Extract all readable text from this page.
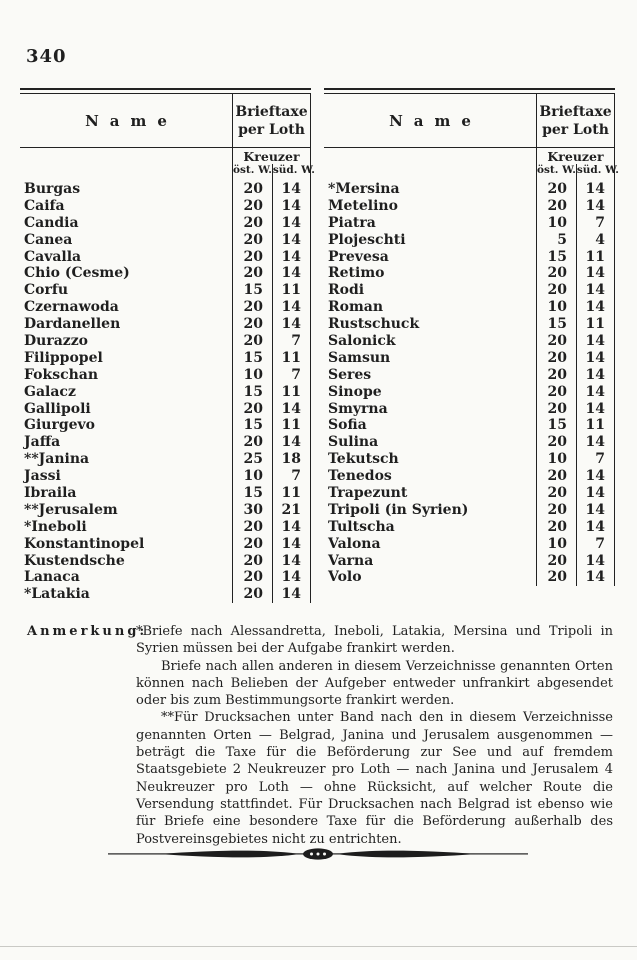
340
Name	Brieftaxe
per Loth
Kreuzer
öst. W. süd. W.
Burgas	20	14
Caifa	20	14
Candia	20	14
Canea	20	14
Cavalla	20	14
Chio (Cesme)	20	14
Corfu	15	11
Czernawoda	20	14
Dardanellen	20	14
Durazzo	20	7
Filippopel	15	11
Fokschan	10	7
Galacz	15	11
Gallipoli	20	14
Giurgevo	15	11
Jaffa	20	14
**Janina	25	18
Jassi	10	7
Ibraila	15	11
**Jerusalem	30	21
*Ineboli	20	14
Konstantinopel	20	14
Kustendsche	20	14
Lanaca	20	14
*Latakia	20	14
Name	Brieftaxe
per Loth
Kreuzer
öst. W. süd. W.
*Mersina	20	14
Metelino	20	14
Piatra	10	7
Plojeschti	5	4
Prevesa	15	11
Retimo	20	14
Rodi	20	14
Roman	10	14
Rustschuck	15	11
Salonick	20	14
Samsun	20	14
Seres	20	14
Sinope	20	14
Smyrna	20	14
Sofia	15	11
Sulina	20	14
Tekutsch	10	7
Tenedos	20	14
Trapezunt	20	14
Tripoli (in Syrien)	20	14
Tultscha	20	14
Valona	10	7
Varna	20	14
Volo	20	14
Anmerkung:

*Briefe nach Alessandretta, Ineboli, Latakia, Mersina und Tripoli in Syrien müssen bei der Aufgabe frankirt werden.

Briefe nach allen anderen in diesem Verzeichnisse genannten Orten können nach Belieben der Aufgeber entweder unfrankirt abgesendet oder bis zum Bestimmungsorte frankirt werden.

**Für Drucksachen unter Band nach den in diesem Verzeichnisse genannten Orten — Belgrad, Janina und Jerusalem ausgenommen — beträgt die Taxe für die Beförderung zur See und auf fremdem Staatsgebiete 2 Neukreuzer pro Loth — nach Janina und Jerusalem 4 Neukreuzer pro Loth — ohne Rücksicht, auf welcher Route die Versendung stattfindet. Für Drucksachen nach Belgrad ist ebenso wie für Briefe eine besondere Taxe für die Beförderung außerhalb des Postvereinsgebietes nicht zu entrichten.
